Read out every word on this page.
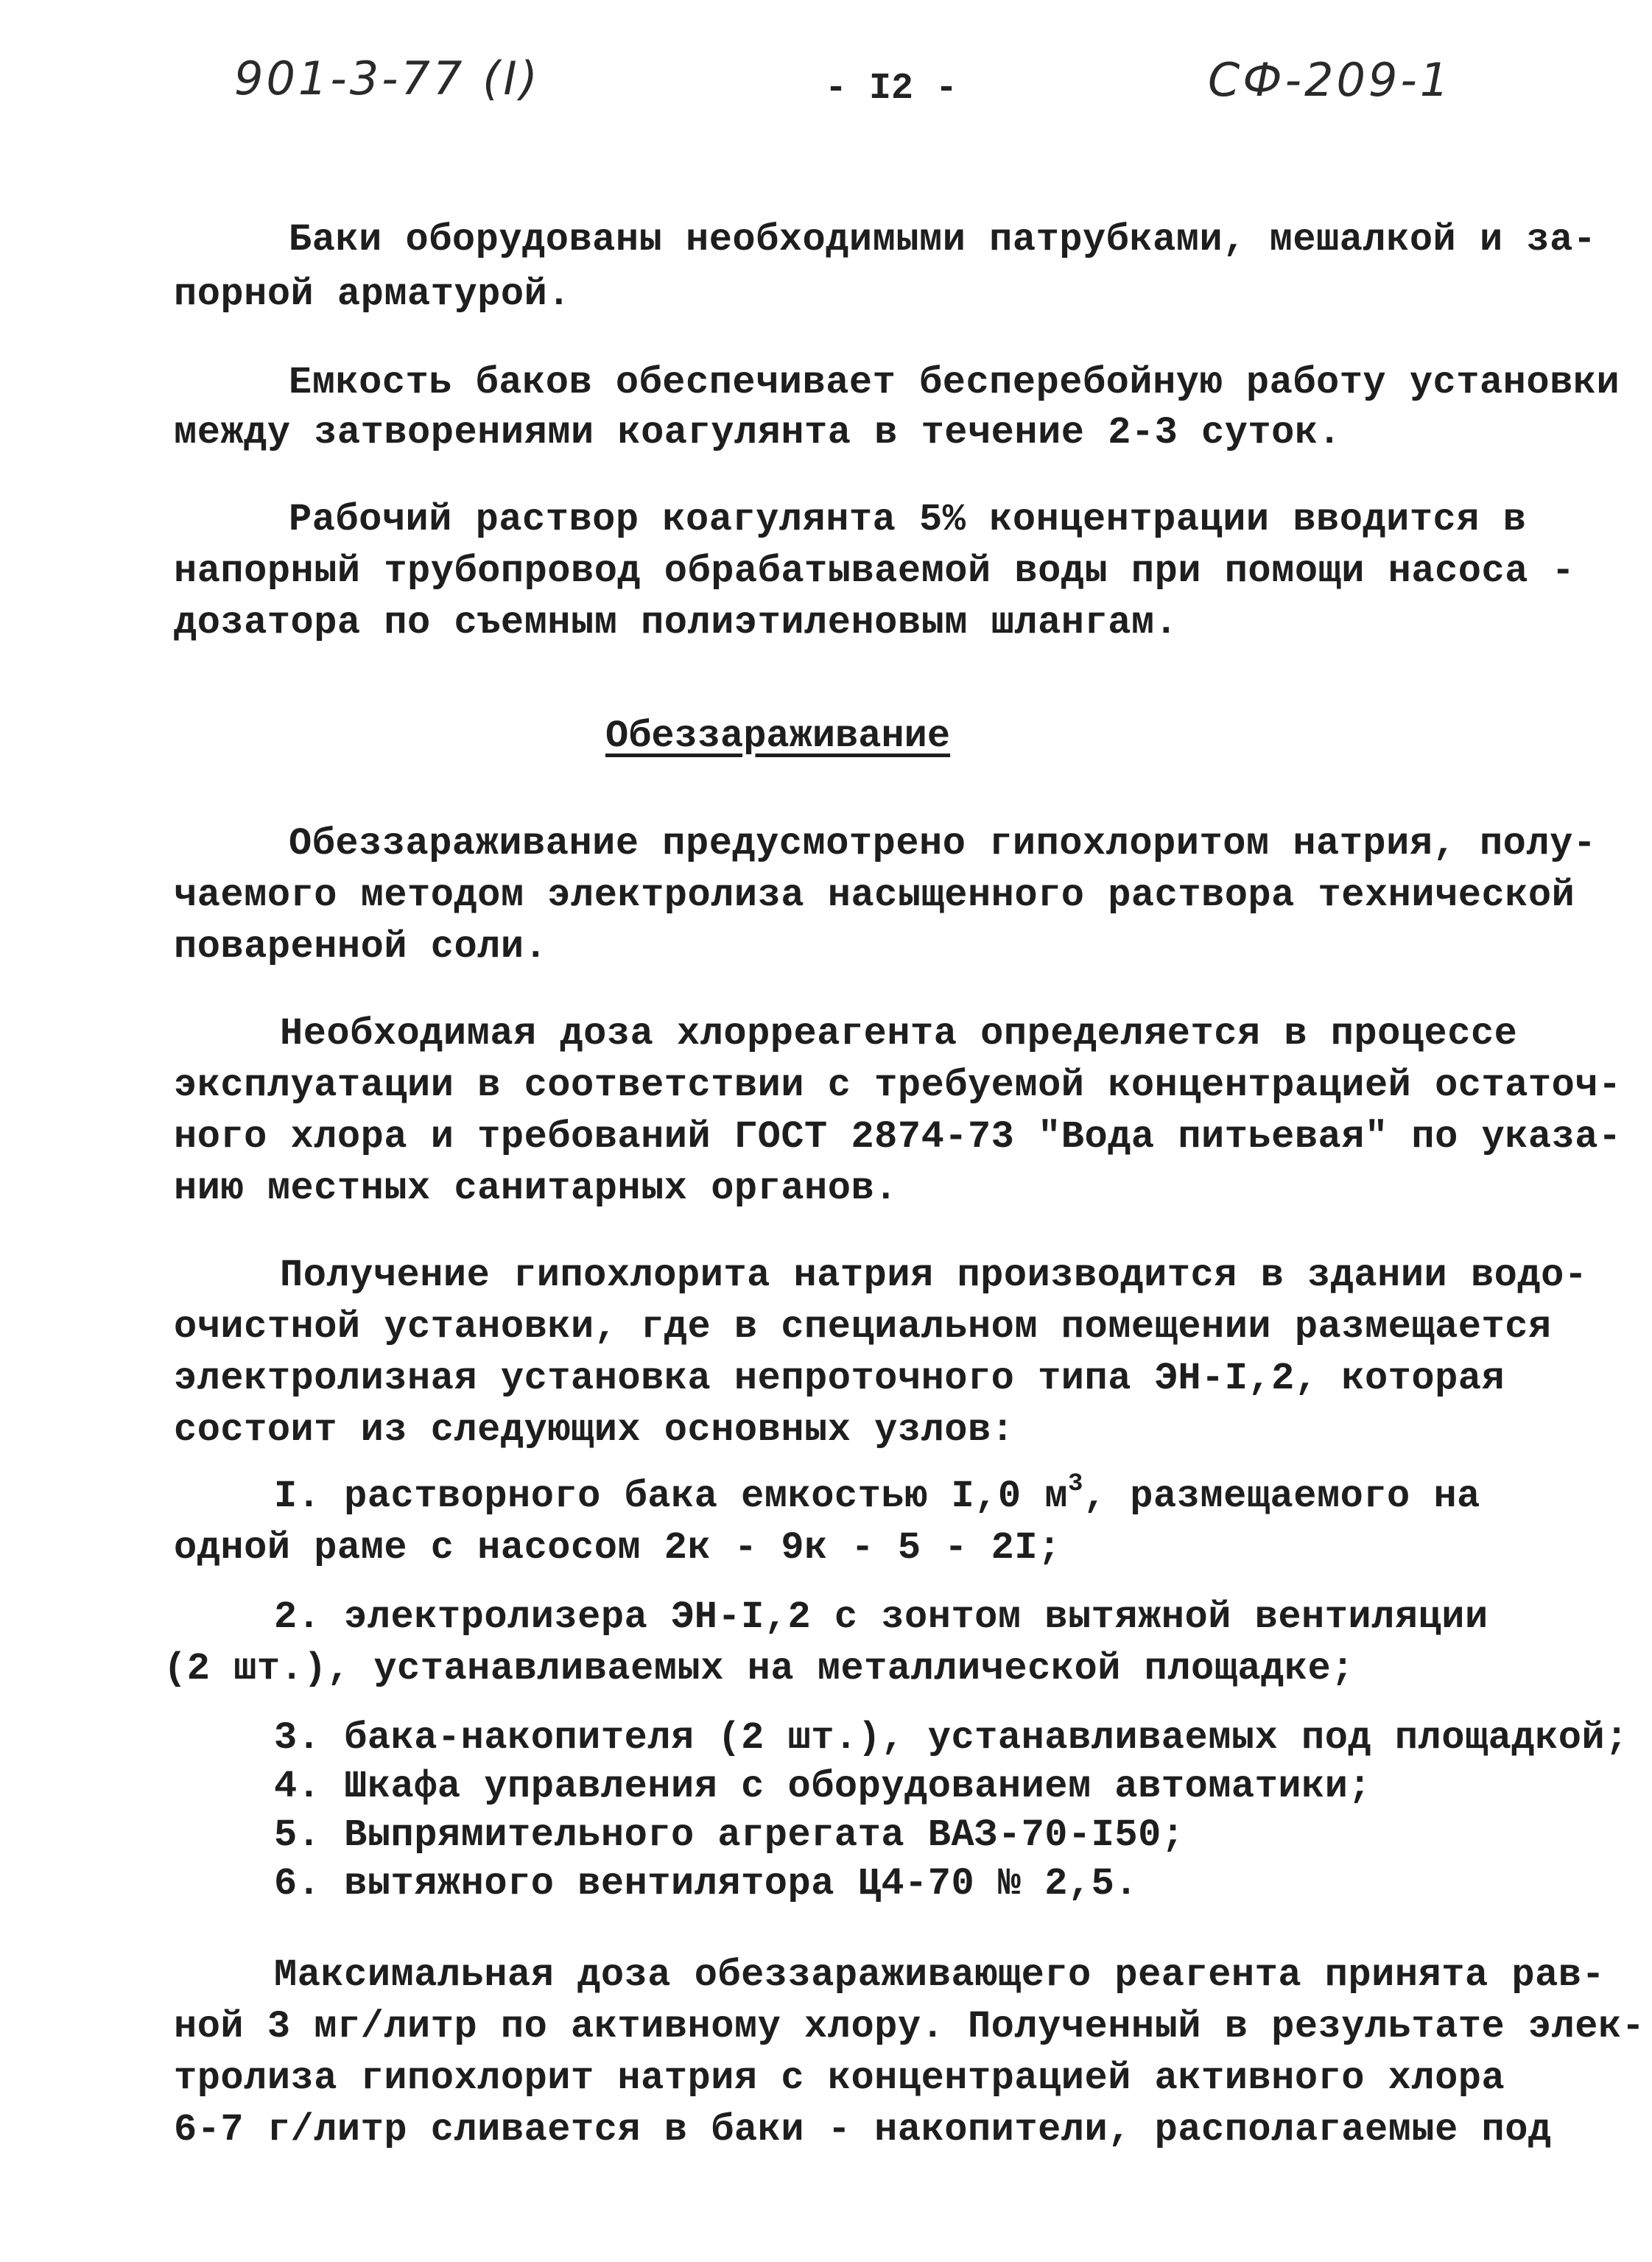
901-3-77 (I)	- I2 -	СФ-209-1
Баки оборудованы необходимыми патрубками, мешалкой и за-
порной арматурой.
Емкость баков обеспечивает бесперебойную работу установки
между затворениями коагулянта в течение 2-3 суток.
Рабочий раствор коагулянта 5% концентрации вводится в
напорный трубопровод обрабатываемой воды при помощи насоса -
дозатора по съемным полиэтиленовым шлангам.
Обеззараживание
Обеззараживание предусмотрено гипохлоритом натрия, полу-
чаемого методом электролиза насыщенного раствора технической
поваренной соли.
Необходимая доза хлорреагента определяется в процессе
эксплуатации в соответствии с требуемой концентрацией остаточ-
ного хлора и требований ГОСТ 2874-73 "Вода питьевая" по указа-
нию местных санитарных органов.
Получение гипохлорита натрия производится в здании водо-
очистной установки, где в специальном помещении размещается
электролизная установка непроточного типа ЭН-I,2, которая
состоит из следующих основных узлов:
I. растворного бака емкостью I,0 $м^3$, размещаемого на
одной раме с насосом 2к - 9к - 5 - 2I;
2. электролизера ЭН-I,2 с зонтом вытяжной вентиляции
(2 шт.), устанавливаемых на металлической площадке;
3. бака-накопителя (2 шт.), устанавливаемых под площадкой;
4. Шкафа управления с оборудованием автоматики;
5. Выпрямительного агрегата ВАЗ-70-I50;
6. вытяжного вентилятора Ц4-70 № 2,5.
Максимальная доза обеззараживающего реагента принята рав-
ной 3 мг/литр по активному хлору. Полученный в результате элек-
тролиза гипохлорит натрия с концентрацией активного хлора
6-7 г/литр сливается в баки - накопители, располагаемые под
